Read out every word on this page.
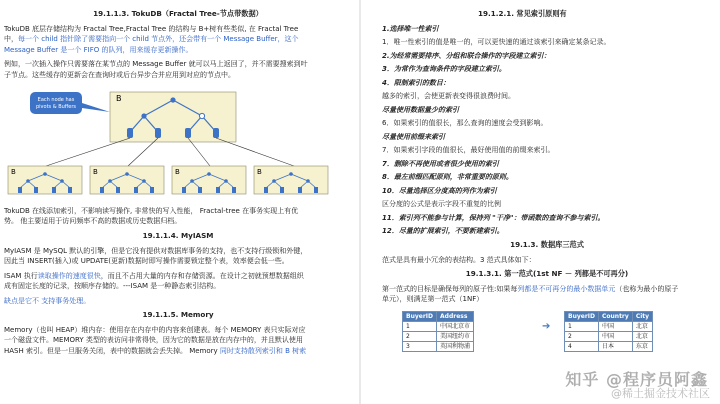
19.1.1.3. TokuDB（Fractal Tree-节点带数据）
TokuDB 底层存储结构为 Fractal Tree,Fractal Tree 的结构与 B+树有些类似, 在 Fractal Tree
中，每一个 child 指针除了需要指向一个 child 节点外，还会带有一个 Message Buffer，这个
Message Buffer 是一个 FIFO 的队列，用来缓存更新操作。
例如，一次插入操作只需要落在某节点的 Message Buffer 就可以马上返回了，并不需要搜索到叶
子节点。这些缓存的更新会在查询时或后台异步合并应用到对应的节点中。
B
Each node has
pivots & Buffers
B	B	B	B
TokuDB 在线添加索引，不影响读写操作, 非常快的写入性能， Fractal-tree 在事务实现上有优
势。 他主要适用于访问频率不高的数据或历史数据归档。
19.1.1.4. MyIASM
MyIASM 是 MySQL 默认的引擎，但是它没有提供对数据库事务的支持，也不支持行级锁和外键，
因此当 INSERT(插入)或 UPDATE(更新)数据时即写操作需要锁定整个表，效率便会低一些。
ISAM 执行读取操作的速度很快，而且不占用大量的内存和存储资源。在设计之初就预想数据组织
成有固定长度的记录，按顺序存储的。---ISAM 是一种静态索引结构。
缺点是它不 支持事务处理。
19.1.1.5. Memory
Memory（也叫 HEAP）堆内存：使用存在内存中的内容来创建表。每个 MEMORY 表只实际对应
一个磁盘文件。MEMORY 类型的表访问非常得快，因为它的数据是放在内存中的，并且默认使用
HASH 索引。但是一旦服务关闭，表中的数据就会丢失掉。 Memory 同时支持散列索引和 B 树索
19.1.2.1. 常见索引原则有
1.选择唯一性索引
1．唯一性索引的值是唯一的，可以更快速的通过该索引来确定某条记录。
2.为经常需要排序、分组和联合操作的字段建立索引：
3．为常作为查询条件的字段建立索引。
4．限制索引的数目：
越多的索引，会使更新表变得很浪费时间。
尽量使用数据量少的索引
6．如果索引的值很长，那么查询的速度会受到影响。
尽量使用前缀来索引
7．如果索引字段的值很长，最好使用值的前缀来索引。
7．删除不再使用或者很少使用的索引
8．最左前缀匹配原则，非常重要的原则。
10．尽量选择区分度高的列作为索引
区分度的公式是表示字段不重复的比例
11．索引列不能参与计算，保持列 "干净"：带函数的查询不参与索引。
12．尽量的扩展索引，不要新建索引。
19.1.3. 数据库三范式
范式是具有最小冗余的表结构。3 范式具体如下：
19.1.3.1. 第一范式(1st NF － 列都是不可再分)
第一范式的目标是确保每列的原子性:如果每列都是不可再分的最小数据单元（也称为最小的原子
单元），则满足第一范式（1NF）
BuyerID	Address
1	中国北京市
2	美国纽约市
3	英国利物浦
➔
BuyerID	Country	City
1	中国	北京
2	中国	北京
4	日本	东京
知乎 @程序员阿鑫
@稀土掘金技术社区
